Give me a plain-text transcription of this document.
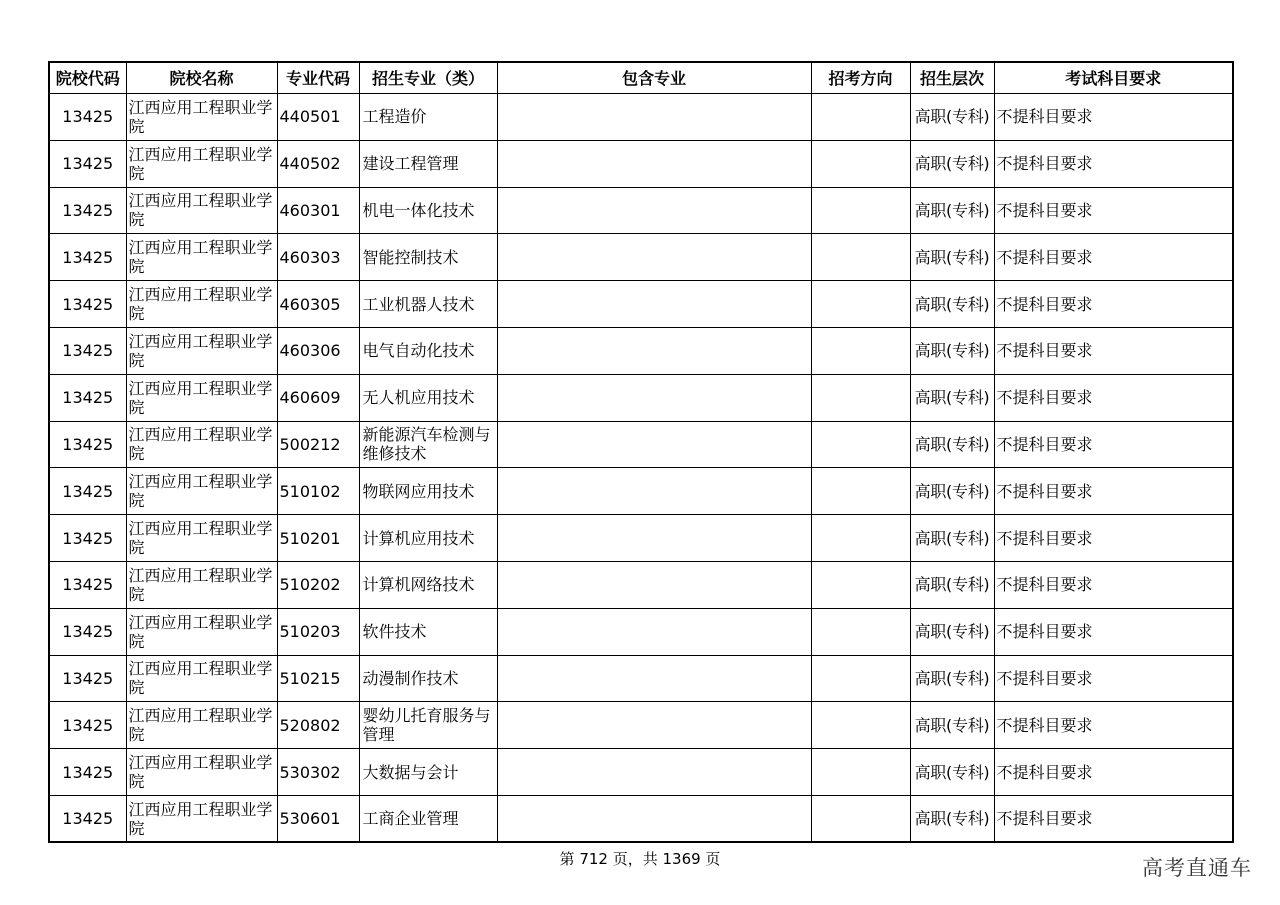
院校代码	院校名称	专业代码	招生专业（类）	包含专业	招考方向	招生层次	考试科目要求
13425	江西应用工程职业学院	440501	工程造价			高职(专科)	不提科目要求
13425	江西应用工程职业学院	440502	建设工程管理			高职(专科)	不提科目要求
13425	江西应用工程职业学院	460301	机电一体化技术			高职(专科)	不提科目要求
13425	江西应用工程职业学院	460303	智能控制技术			高职(专科)	不提科目要求
13425	江西应用工程职业学院	460305	工业机器人技术			高职(专科)	不提科目要求
13425	江西应用工程职业学院	460306	电气自动化技术			高职(专科)	不提科目要求
13425	江西应用工程职业学院	460609	无人机应用技术			高职(专科)	不提科目要求
13425	江西应用工程职业学院	500212	新能源汽车检测与维修技术			高职(专科)	不提科目要求
13425	江西应用工程职业学院	510102	物联网应用技术			高职(专科)	不提科目要求
13425	江西应用工程职业学院	510201	计算机应用技术			高职(专科)	不提科目要求
13425	江西应用工程职业学院	510202	计算机网络技术			高职(专科)	不提科目要求
13425	江西应用工程职业学院	510203	软件技术			高职(专科)	不提科目要求
13425	江西应用工程职业学院	510215	动漫制作技术			高职(专科)	不提科目要求
13425	江西应用工程职业学院	520802	婴幼儿托育服务与管理			高职(专科)	不提科目要求
13425	江西应用工程职业学院	530302	大数据与会计			高职(专科)	不提科目要求
13425	江西应用工程职业学院	530601	工商企业管理			高职(专科)	不提科目要求
第 712 页，共 1369 页	高考直通车
